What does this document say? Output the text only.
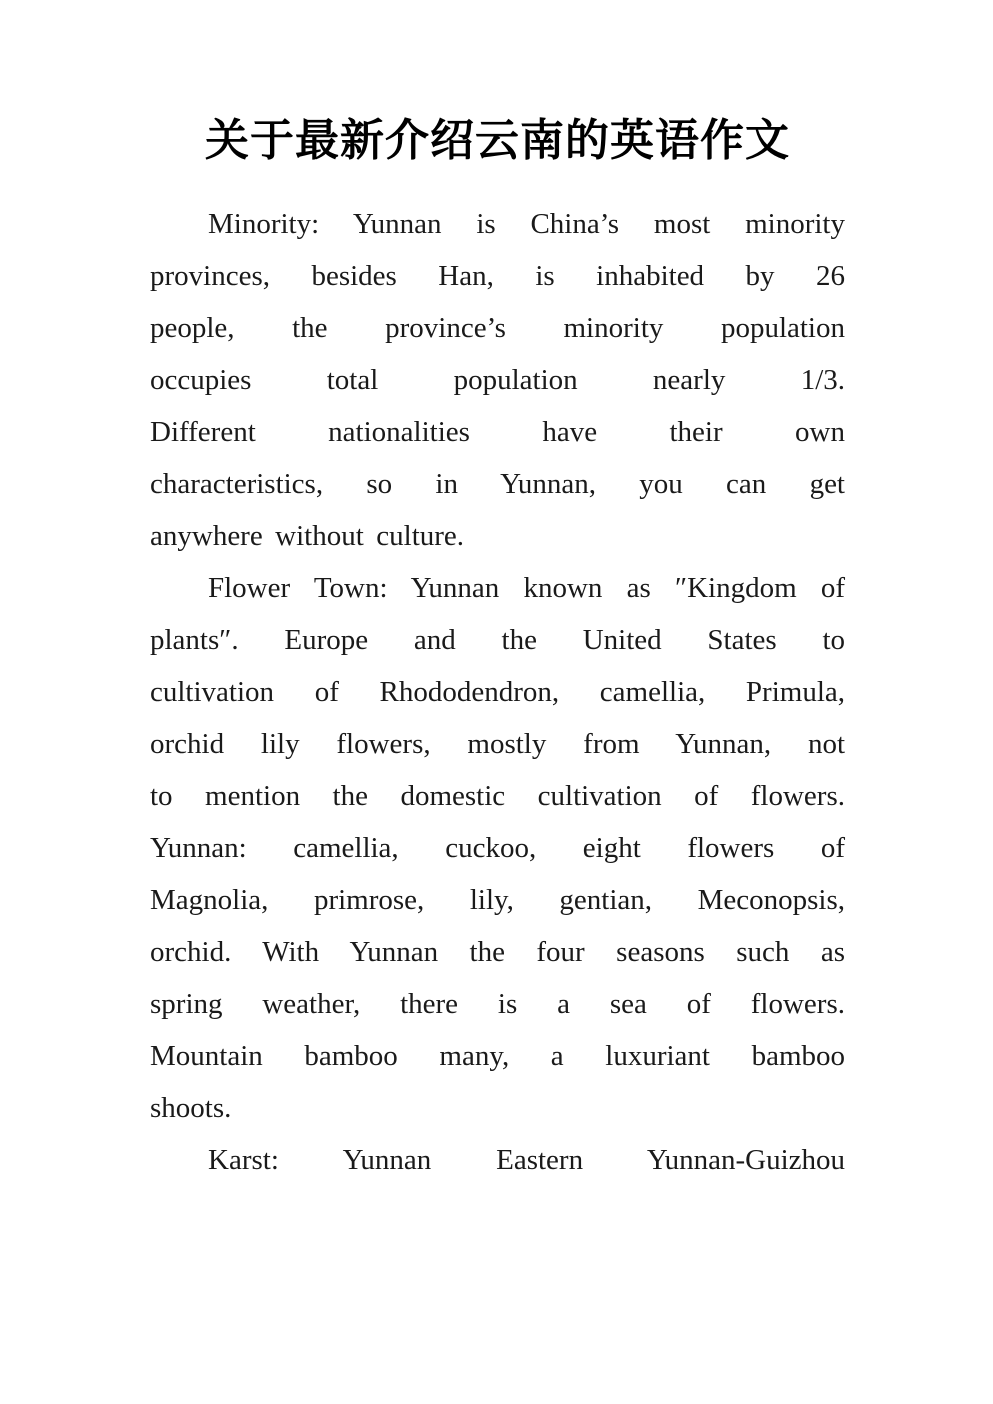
关于最新介绍云南的英语作文
Minority: Yunnan is China’s most minority
provinces, besides Han, is inhabited by 26
people, the province’s minority population
occupies total population nearly 1/3.
Different nationalities have their own
characteristics, so in Yunnan, you can get
anywhere without culture.
Flower Town: Yunnan known as ″Kingdom of
plants″. Europe and the United States to
cultivation of Rhododendron, camellia, Primula,
orchid lily flowers, mostly from Yunnan, not
to mention the domestic cultivation of flowers.
Yunnan: camellia, cuckoo, eight flowers of
Magnolia, primrose, lily, gentian, Meconopsis,
orchid. With Yunnan the four seasons such as
spring weather, there is a sea of flowers.
Mountain bamboo many, a luxuriant bamboo
shoots.
Karst: Yunnan Eastern Yunnan-Guizhou
